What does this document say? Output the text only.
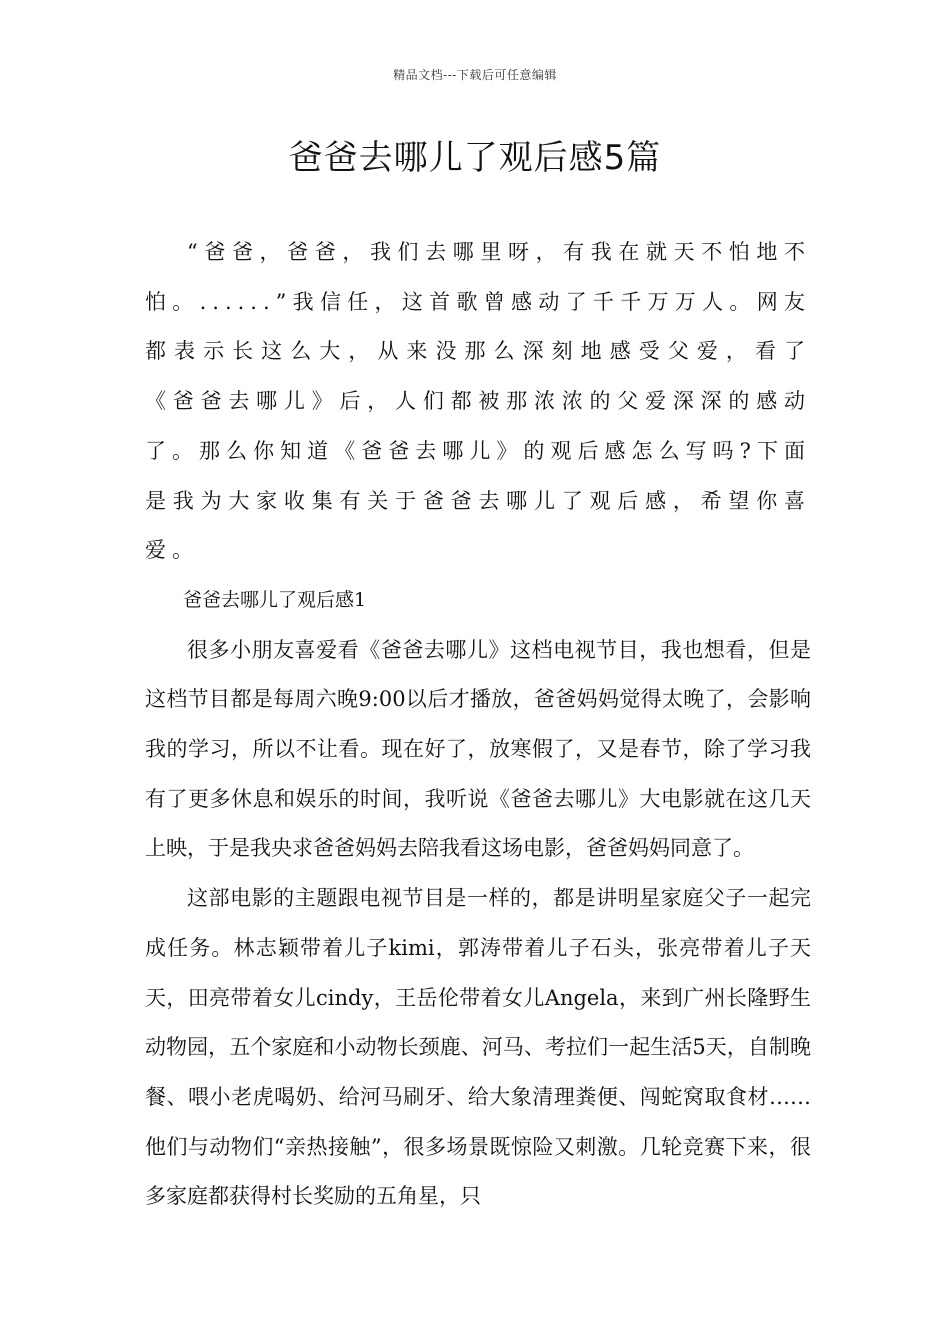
精品文档---下载后可任意编辑
爸爸去哪儿了观后感5篇

“爸爸，爸爸，我们去哪里呀，有我在就天不怕地不怕。......”我信任，这首歌曾感动了千千万万人。网友都表示长这么大，从来没那么深刻地感受父爱，看了《爸爸去哪儿》后，人们都被那浓浓的父爱深深的感动了。那么你知道《爸爸去哪儿》的观后感怎么写吗?下面是我为大家收集有关于爸爸去哪儿了观后感，希望你喜爱。

爸爸去哪儿了观后感1

很多小朋友喜爱看《爸爸去哪儿》这档电视节目，我也想看，但是这档节目都是每周六晚9:00以后才播放，爸爸妈妈觉得太晚了，会影响我的学习，所以不让看。现在好了，放寒假了，又是春节，除了学习我有了更多休息和娱乐的时间，我听说《爸爸去哪儿》大电影就在这几天上映，于是我央求爸爸妈妈去陪我看这场电影，爸爸妈妈同意了。

这部电影的主题跟电视节目是一样的，都是讲明星家庭父子一起完成任务。林志颖带着儿子kimi，郭涛带着儿子石头，张亮带着儿子天天，田亮带着女儿cindy，王岳伦带着女儿Angela，来到广州长隆野生动物园，五个家庭和小动物长颈鹿、河马、考拉们一起生活5天，自制晚餐、喂小老虎喝奶、给河马刷牙、给大象清理粪便、闯蛇窝取食材……他们与动物们“亲热接触”，很多场景既惊险又刺激。几轮竞赛下来，很多家庭都获得村长奖励的五角星，只
